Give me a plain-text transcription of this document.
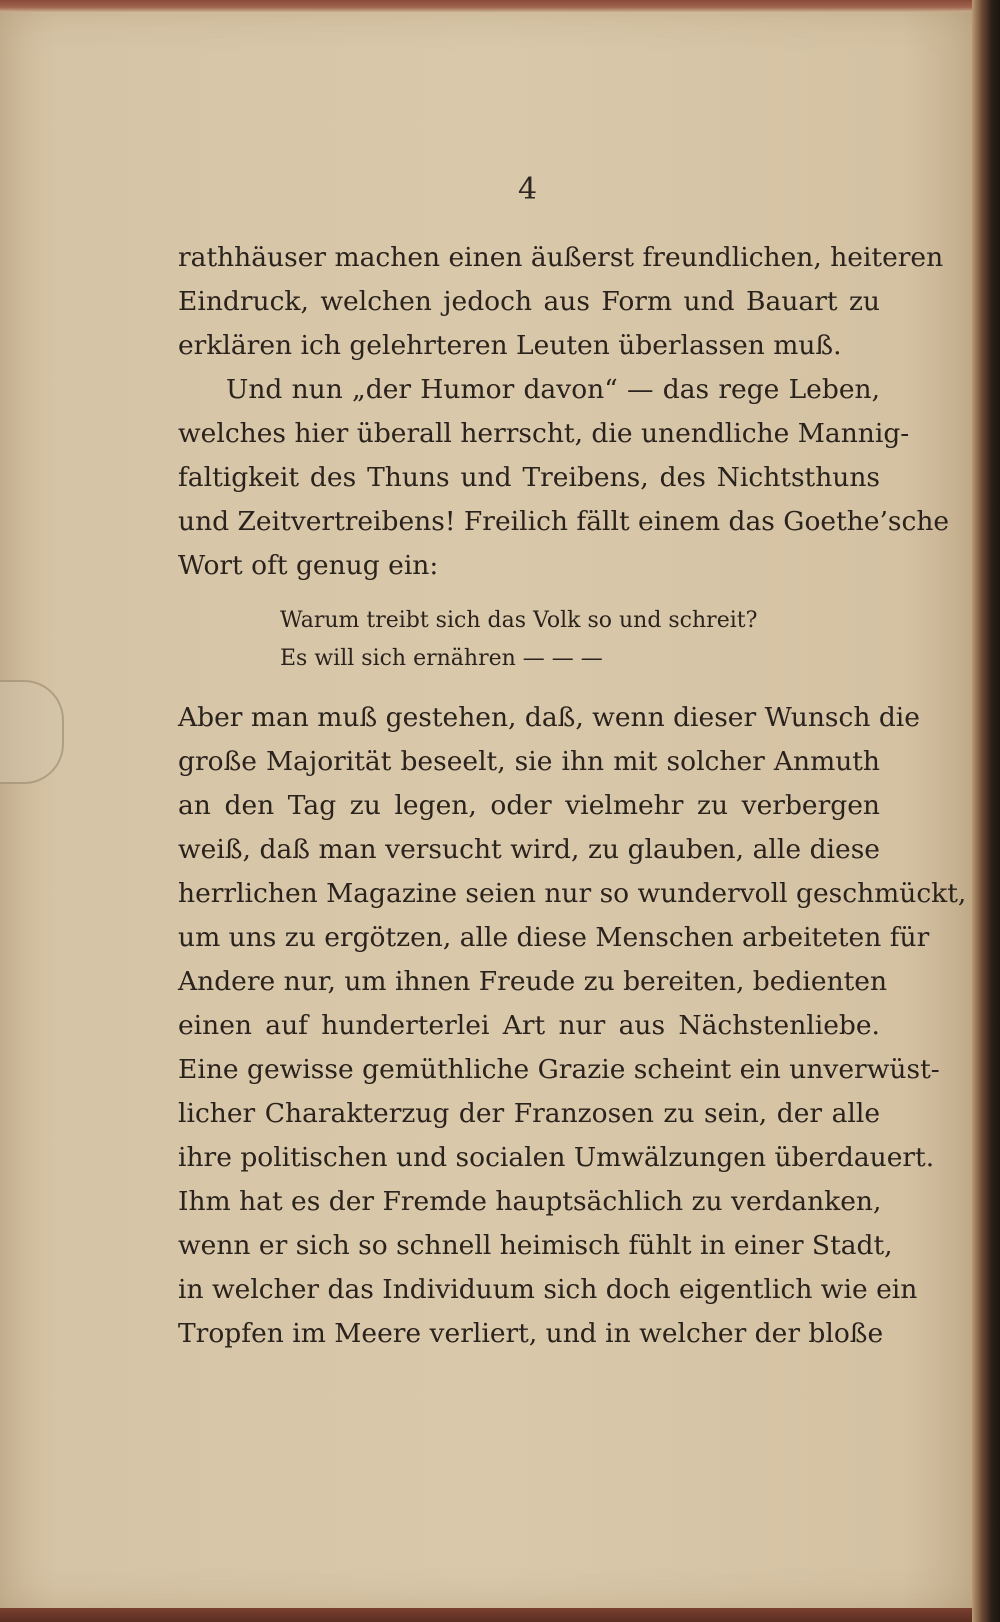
4
rathhäuser machen einen äußerst freundlichen, heiteren
Eindruck, welchen jedoch aus Form und Bauart zu
erklären ich gelehrteren Leuten überlassen muß.
Und nun „der Humor davon“ — das rege Leben,
welches hier überall herrscht, die unendliche Mannig-
faltigkeit des Thuns und Treibens, des Nichtsthuns
und Zeitvertreibens! Freilich fällt einem das Goethe’sche
Wort oft genug ein:
Warum treibt sich das Volk so und schreit?
Es will sich ernähren — — —
Aber man muß gestehen, daß, wenn dieser Wunsch die
große Majorität beseelt, sie ihn mit solcher Anmuth
an den Tag zu legen, oder vielmehr zu verbergen
weiß, daß man versucht wird, zu glauben, alle diese
herrlichen Magazine seien nur so wundervoll geschmückt,
um uns zu ergötzen, alle diese Menschen arbeiteten für
Andere nur, um ihnen Freude zu bereiten, bedienten
einen auf hunderterlei Art nur aus Nächstenliebe.
Eine gewisse gemüthliche Grazie scheint ein unverwüst-
licher Charakterzug der Franzosen zu sein, der alle
ihre politischen und socialen Umwälzungen überdauert.
Ihm hat es der Fremde hauptsächlich zu verdanken,
wenn er sich so schnell heimisch fühlt in einer Stadt,
in welcher das Individuum sich doch eigentlich wie ein
Tropfen im Meere verliert, und in welcher der bloße
